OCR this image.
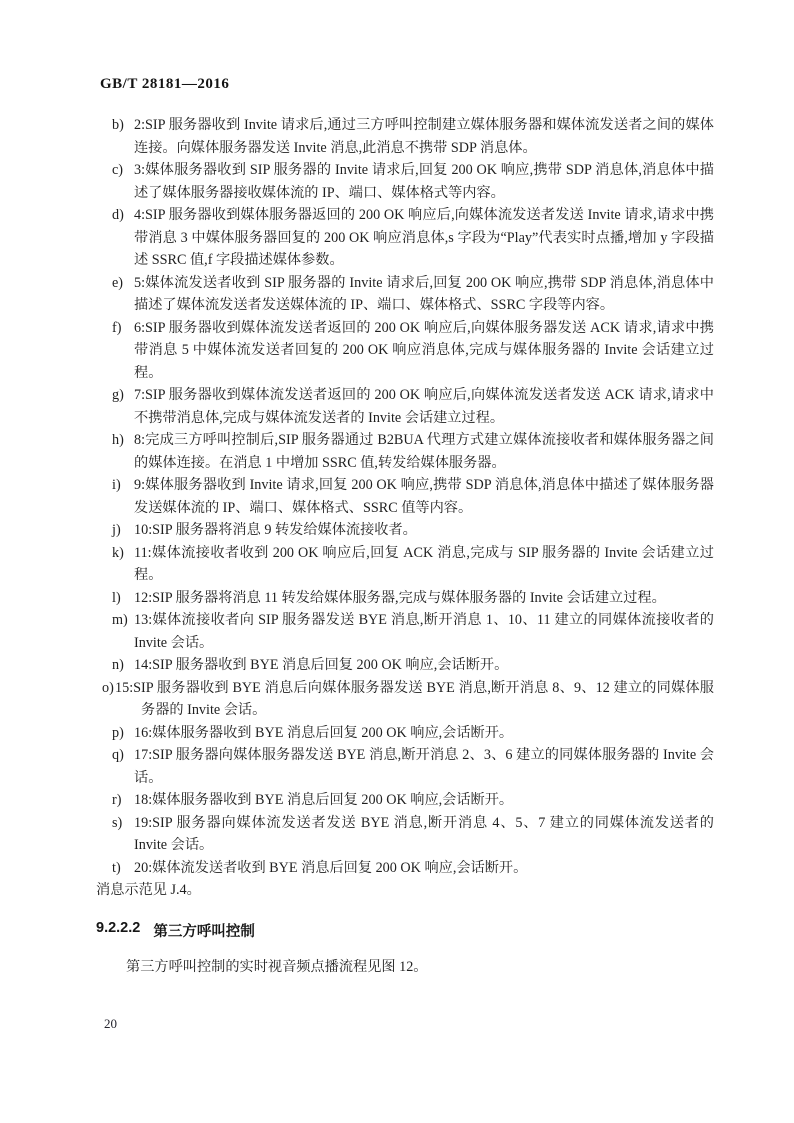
GB/T 28181—2016
b) 2:SIP 服务器收到 Invite 请求后,通过三方呼叫控制建立媒体服务器和媒体流发送者之间的媒体连接。向媒体服务器发送 Invite 消息,此消息不携带 SDP 消息体。
c) 3:媒体服务器收到 SIP 服务器的 Invite 请求后,回复 200 OK 响应,携带 SDP 消息体,消息体中描述了媒体服务器接收媒体流的 IP、端口、媒体格式等内容。
d) 4:SIP 服务器收到媒体服务器返回的 200 OK 响应后,向媒体流发送者发送 Invite 请求,请求中携带消息 3 中媒体服务器回复的 200 OK 响应消息体,s 字段为“Play”代表实时点播,增加 y 字段描述 SSRC 值,f 字段描述媒体参数。
e) 5:媒体流发送者收到 SIP 服务器的 Invite 请求后,回复 200 OK 响应,携带 SDP 消息体,消息体中描述了媒体流发送者发送媒体流的 IP、端口、媒体格式、SSRC 字段等内容。
f) 6:SIP 服务器收到媒体流发送者返回的 200 OK 响应后,向媒体服务器发送 ACK 请求,请求中携带消息 5 中媒体流发送者回复的 200 OK 响应消息体,完成与媒体服务器的 Invite 会话建立过程。
g) 7:SIP 服务器收到媒体流发送者返回的 200 OK 响应后,向媒体流发送者发送 ACK 请求,请求中不携带消息体,完成与媒体流发送者的 Invite 会话建立过程。
h) 8:完成三方呼叫控制后,SIP 服务器通过 B2BUA 代理方式建立媒体流接收者和媒体服务器之间的媒体连接。在消息 1 中增加 SSRC 值,转发给媒体服务器。
i) 9:媒体服务器收到 Invite 请求,回复 200 OK 响应,携带 SDP 消息体,消息体中描述了媒体服务器发送媒体流的 IP、端口、媒体格式、SSRC 值等内容。
j) 10:SIP 服务器将消息 9 转发给媒体流接收者。
k) 11:媒体流接收者收到 200 OK 响应后,回复 ACK 消息,完成与 SIP 服务器的 Invite 会话建立过程。
l) 12:SIP 服务器将消息 11 转发给媒体服务器,完成与媒体服务器的 Invite 会话建立过程。
m) 13:媒体流接收者向 SIP 服务器发送 BYE 消息,断开消息 1、10、11 建立的同媒体流接收者的 Invite 会话。
n) 14:SIP 服务器收到 BYE 消息后回复 200 OK 响应,会话断开。
o) 15:SIP 服务器收到 BYE 消息后向媒体服务器发送 BYE 消息,断开消息 8、9、12 建立的同媒体服务器的 Invite 会话。
p) 16:媒体服务器收到 BYE 消息后回复 200 OK 响应,会话断开。
q) 17:SIP 服务器向媒体服务器发送 BYE 消息,断开消息 2、3、6 建立的同媒体服务器的 Invite 会话。
r) 18:媒体服务器收到 BYE 消息后回复 200 OK 响应,会话断开。
s) 19:SIP 服务器向媒体流发送者发送 BYE 消息,断开消息 4、5、7 建立的同媒体流发送者的 Invite 会话。
t) 20:媒体流发送者收到 BYE 消息后回复 200 OK 响应,会话断开。

消息示范见 J.4。

9.2.2.2 第三方呼叫控制

第三方呼叫控制的实时视音频点播流程见图 12。

20
